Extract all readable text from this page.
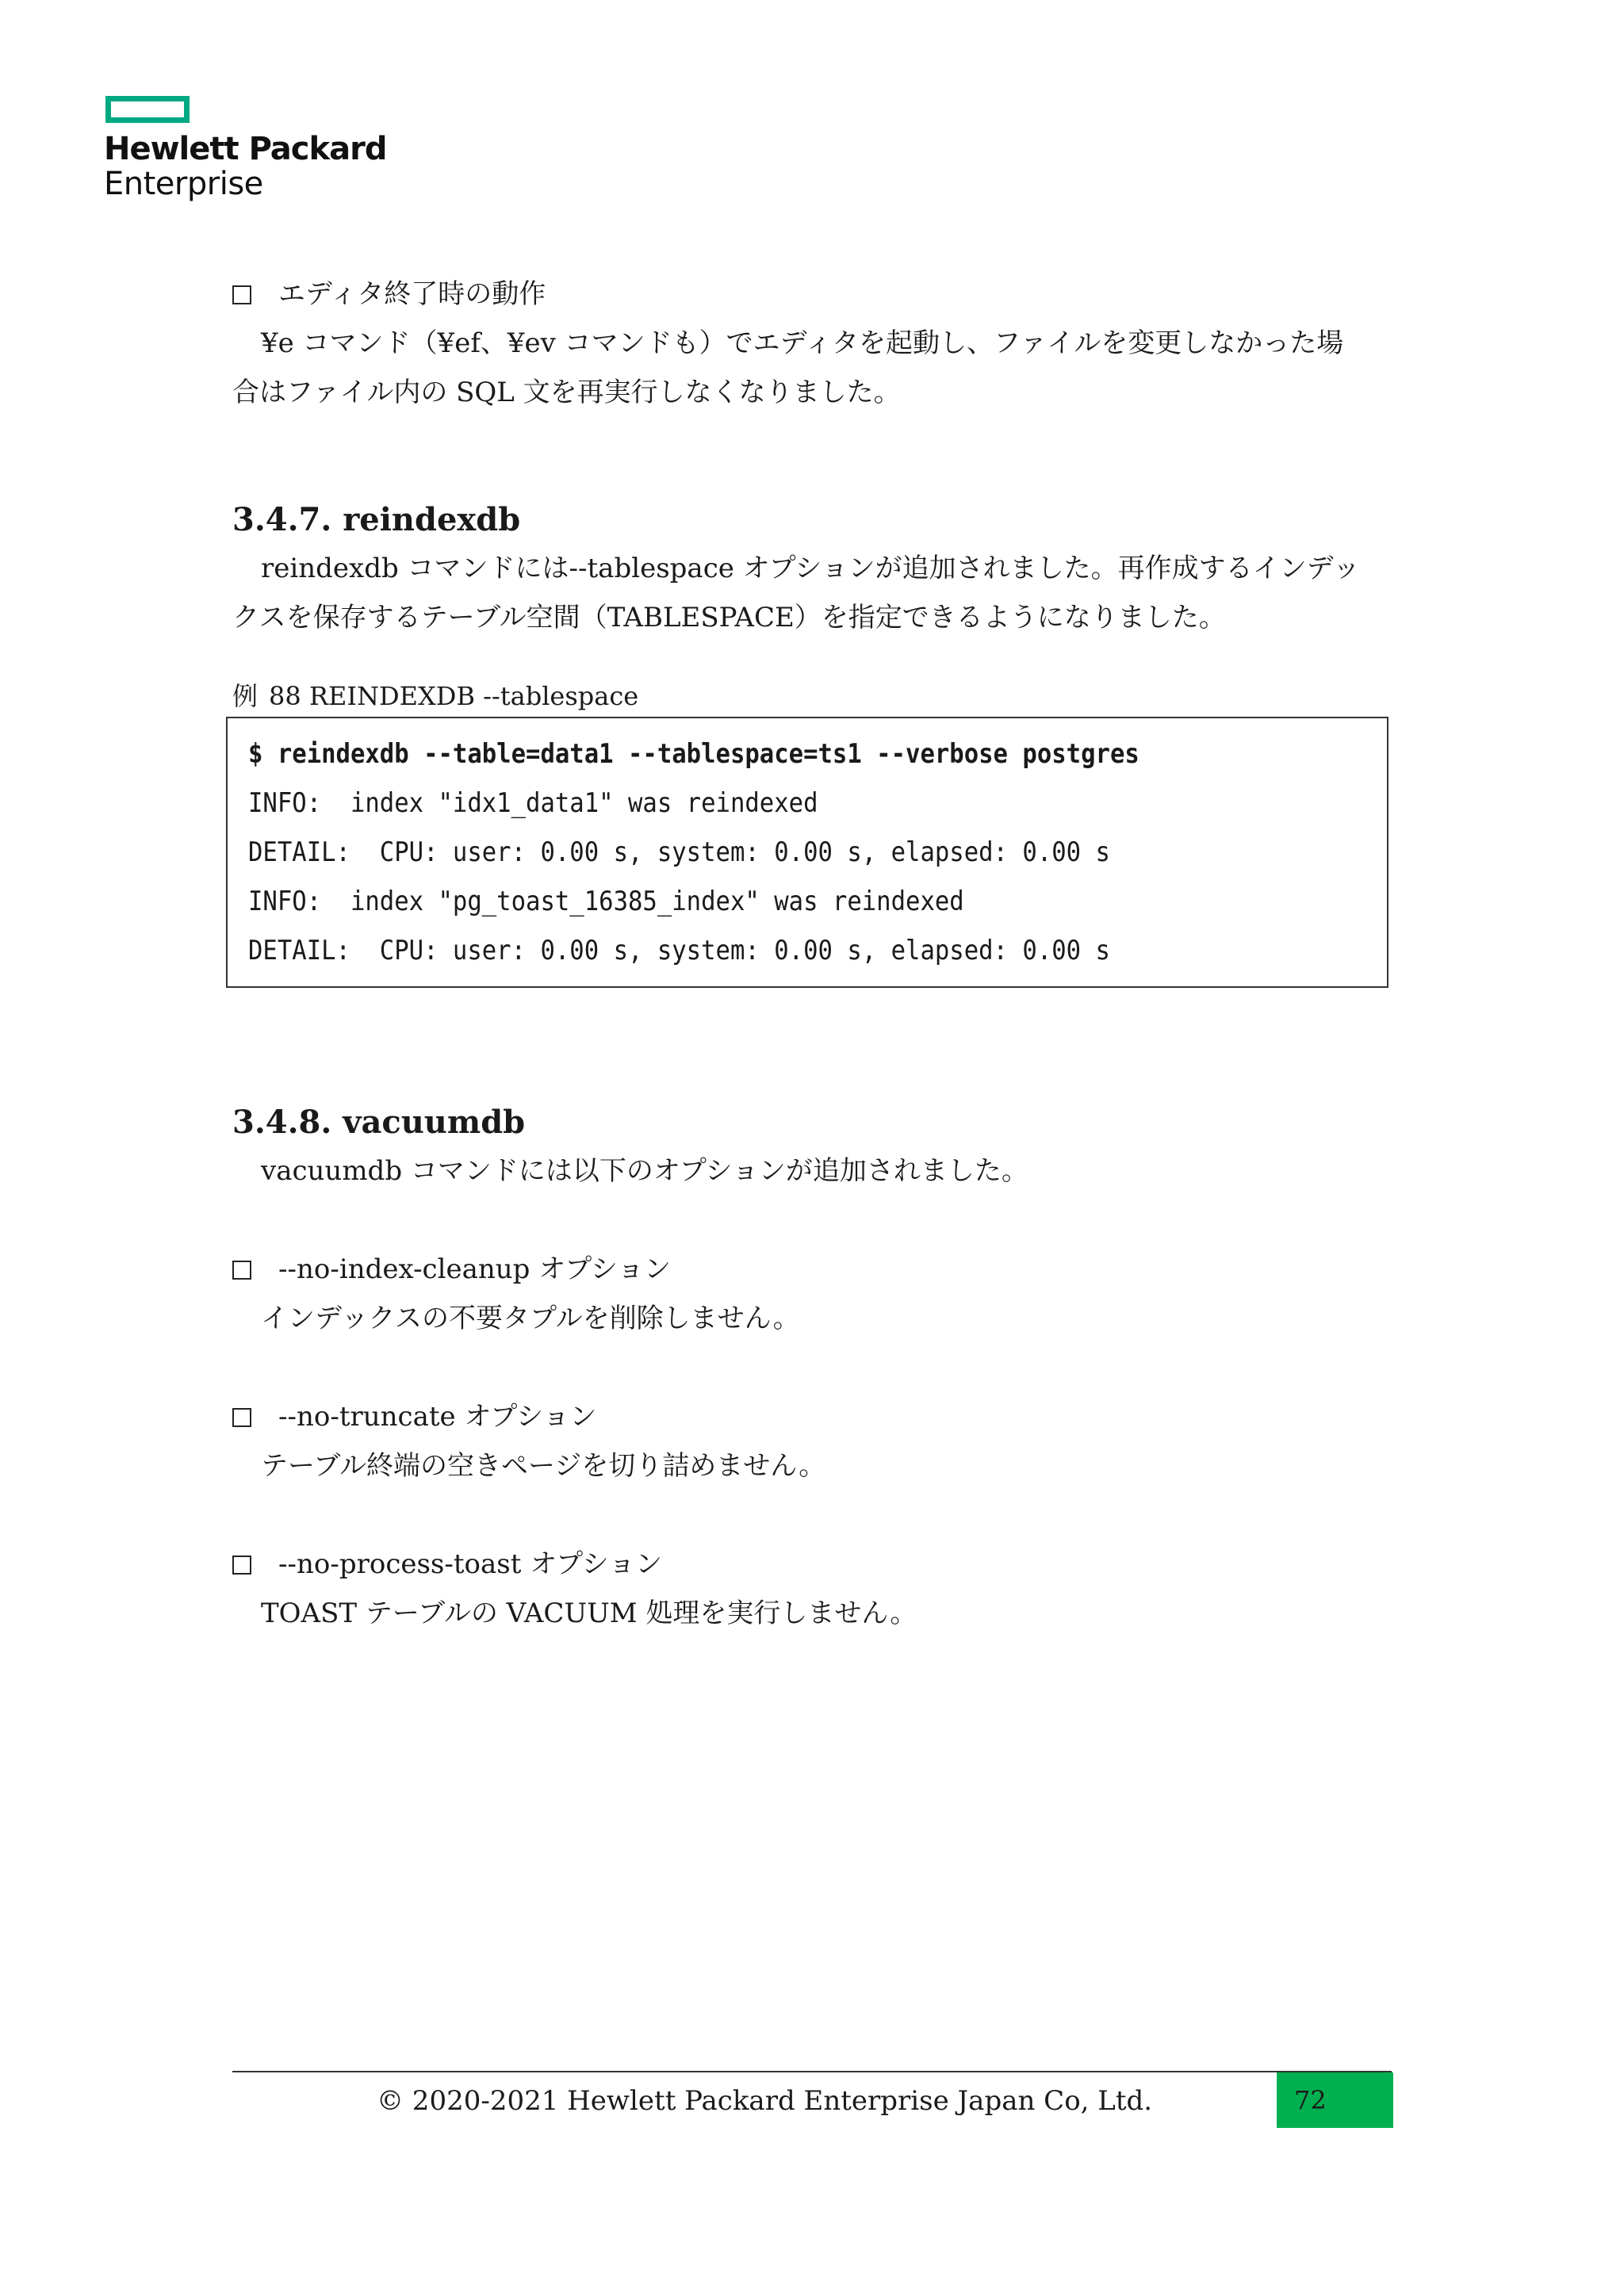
Hewlett Packard
Enterprise

エディタ終了時の動作

¥e コマンド（¥ef、¥ev コマンドも）でエディタを起動し、ファイルを変更しなかった場

合はファイル内の SQL 文を再実行しなくなりました。

3.4.7. reindexdb

reindexdb コマンドには--tablespace オプションが追加されました。再作成するインデッ

クスを保存するテーブル空間（TABLESPACE）を指定できるようになりました。

例 88 REINDEXDB --tablespace

$ reindexdb --table=data1 --tablespace=ts1 --verbose postgres
INFO:  index "idx1_data1" was reindexed
DETAIL:  CPU: user: 0.00 s, system: 0.00 s, elapsed: 0.00 s
INFO:  index "pg_toast_16385_index" was reindexed
DETAIL:  CPU: user: 0.00 s, system: 0.00 s, elapsed: 0.00 s
3.4.8. vacuumdb

vacuumdb コマンドには以下のオプションが追加されました。

--no-index-cleanup オプション

インデックスの不要タプルを削除しません。

--no-truncate オプション

テーブル終端の空きページを切り詰めません。

--no-process-toast オプション

TOAST テーブルの VACUUM 処理を実行しません。

© 2020-2021 Hewlett Packard Enterprise Japan Co, Ltd.	72
